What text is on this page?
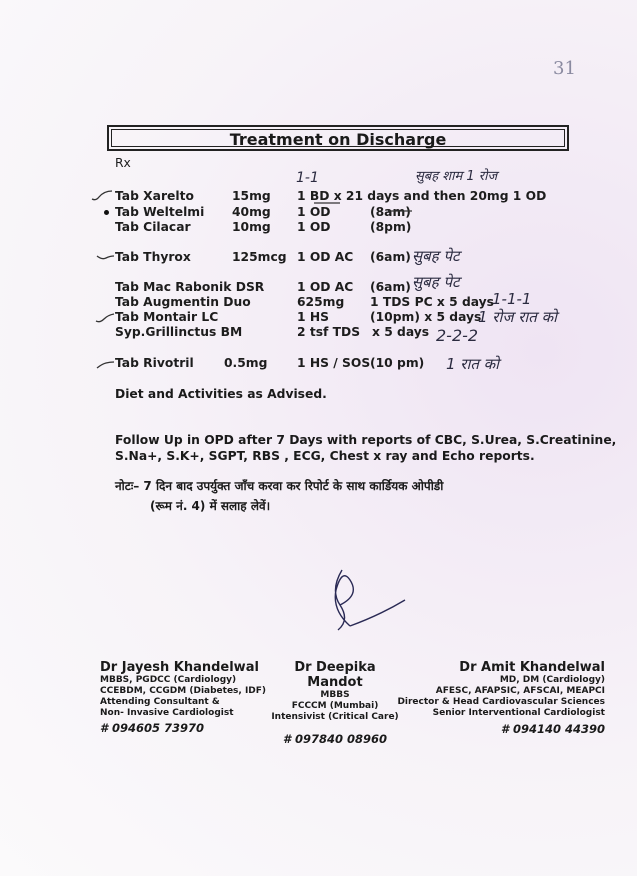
31
Treatment on Discharge
Rx
Tab Xarelto	15mg 1 BD x 21 days and then 20mg 1 OD
Tab Weltelmi 40mg 1 OD	(8am)
Tab Cilacar	10mg 1 OD	(8pm)
Tab Thyrox	125mcg 1 OD AC (6am)
Tab Mac Rabonik DSR	1 OD AC (6am)
Tab Augmentin Duo	625mg 1 TDS PC x 5 days
Tab Montair LC	1 HS	(10pm) x 5 days
Syp.Grillinctus BM	2 tsf TDS x 5 days
Tab Rivotril 0.5mg 1 HS / SOS (10 pm)
1-1	सुबह शाम 1 रोज
सुबह पेट
सुबह पेट
1-1-1
1 रोज रात को
2-2-2
1 रात को
Diet and Activities as Advised.
Follow Up in OPD after 7 Days with reports of CBC, S.Urea, S.Creatinine,
S.Na+, S.K+, SGPT, RBS , ECG, Chest x ray and Echo reports.
नोटः– 7 दिन बाद उपर्युक्त जाँच करवा कर रिपोर्ट के साथ कार्डियक ओपीडी
(रूम नं. 4) में सलाह लेवें।
Dr Jayesh Khandelwal
MBBS, PGDCC (Cardiology)
CCEBDM, CCGDM (Diabetes, IDF)
Attending Consultant &
Non- Invasive Cardiologist
# 094605 73970
Dr Deepika Mandot
MBBS
FCCCM (Mumbai)
Intensivist (Critical Care)
# 097840 08960
Dr Amit Khandelwal
MD, DM (Cardiology)
AFESC, AFAPSIC, AFSCAI, MEAPCI
Director & Head Cardiovascular Sciences
Senior Interventional Cardiologist
# 094140 44390
